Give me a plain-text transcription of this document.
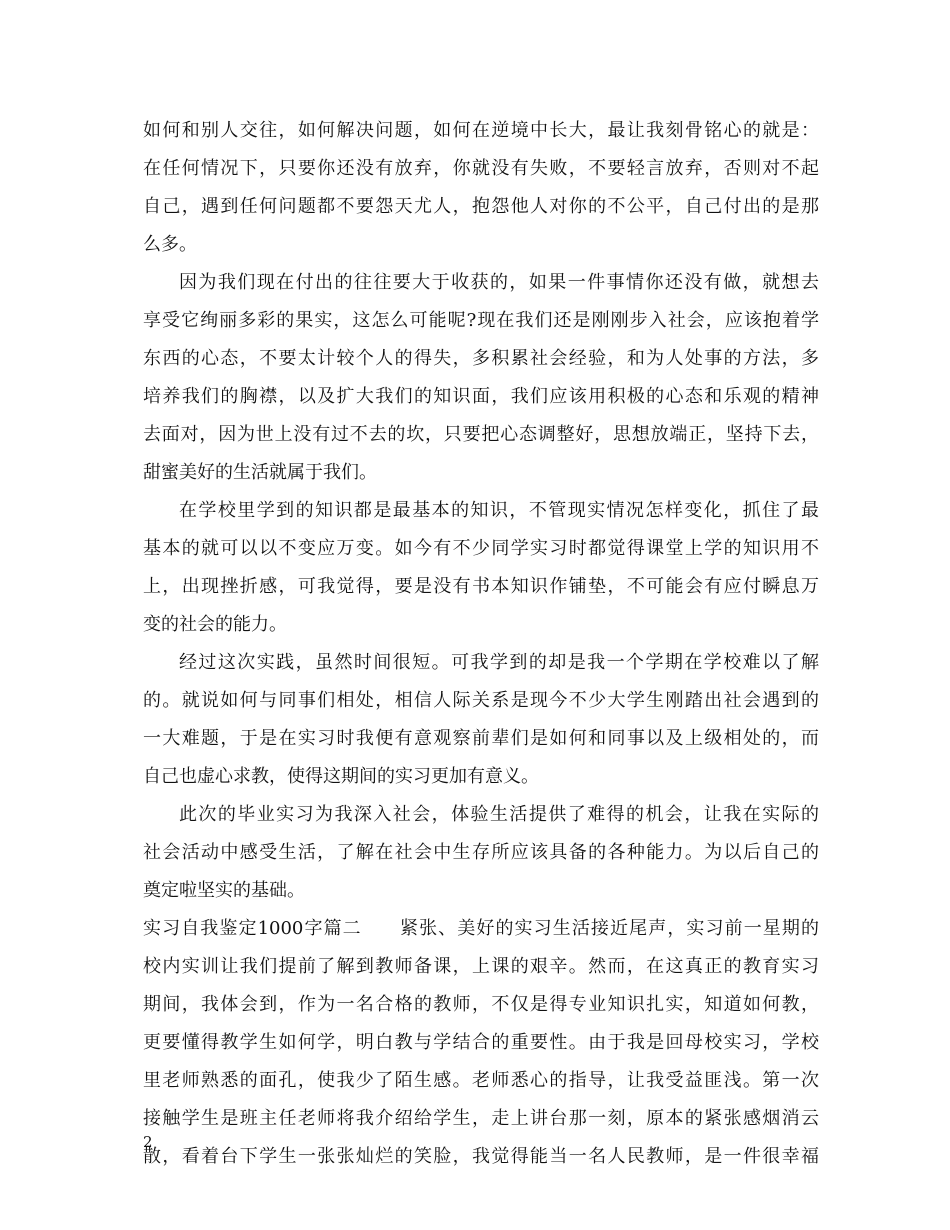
如何和别人交往，如何解决问题，如何在逆境中长大，最让我刻骨铭心的就是：
在任何情况下，只要你还没有放弃，你就没有失败，不要轻言放弃，否则对不起
自己，遇到任何问题都不要怨天尤人，抱怨他人对你的不公平，自己付出的是那
么多。
因为我们现在付出的往往要大于收获的，如果一件事情你还没有做，就想去
享受它绚丽多彩的果实，这怎么可能呢?现在我们还是刚刚步入社会，应该抱着学
东西的心态，不要太计较个人的得失，多积累社会经验，和为人处事的方法，多
培养我们的胸襟，以及扩大我们的知识面，我们应该用积极的心态和乐观的精神
去面对，因为世上没有过不去的坎，只要把心态调整好，思想放端正，坚持下去，
甜蜜美好的生活就属于我们。
在学校里学到的知识都是最基本的知识，不管现实情况怎样变化，抓住了最
基本的就可以以不变应万变。如今有不少同学实习时都觉得课堂上学的知识用不
上，出现挫折感，可我觉得，要是没有书本知识作铺垫，不可能会有应付瞬息万
变的社会的能力。
经过这次实践，虽然时间很短。可我学到的却是我一个学期在学校难以了解
的。就说如何与同事们相处，相信人际关系是现今不少大学生刚踏出社会遇到的
一大难题，于是在实习时我便有意观察前辈们是如何和同事以及上级相处的，而
自己也虚心求教，使得这期间的实习更加有意义。
此次的毕业实习为我深入社会，体验生活提供了难得的机会，让我在实际的
社会活动中感受生活，了解在社会中生存所应该具备的各种能力。为以后自己的
奠定啦坚实的基础。
实习自我鉴定1000字篇二　　紧张、美好的实习生活接近尾声，实习前一星期的
校内实训让我们提前了解到教师备课，上课的艰辛。然而，在这真正的教育实习
期间，我体会到，作为一名合格的教师，不仅是得专业知识扎实，知道如何教，
更要懂得教学生如何学，明白教与学结合的重要性。由于我是回母校实习，学校
里老师熟悉的面孔，使我少了陌生感。老师悉心的指导，让我受益匪浅。第一次
接触学生是班主任老师将我介绍给学生，走上讲台那一刻，原本的紧张感烟消云
散，看着台下学生一张张灿烂的笑脸，我觉得能当一名人民教师，是一件很幸福
2
